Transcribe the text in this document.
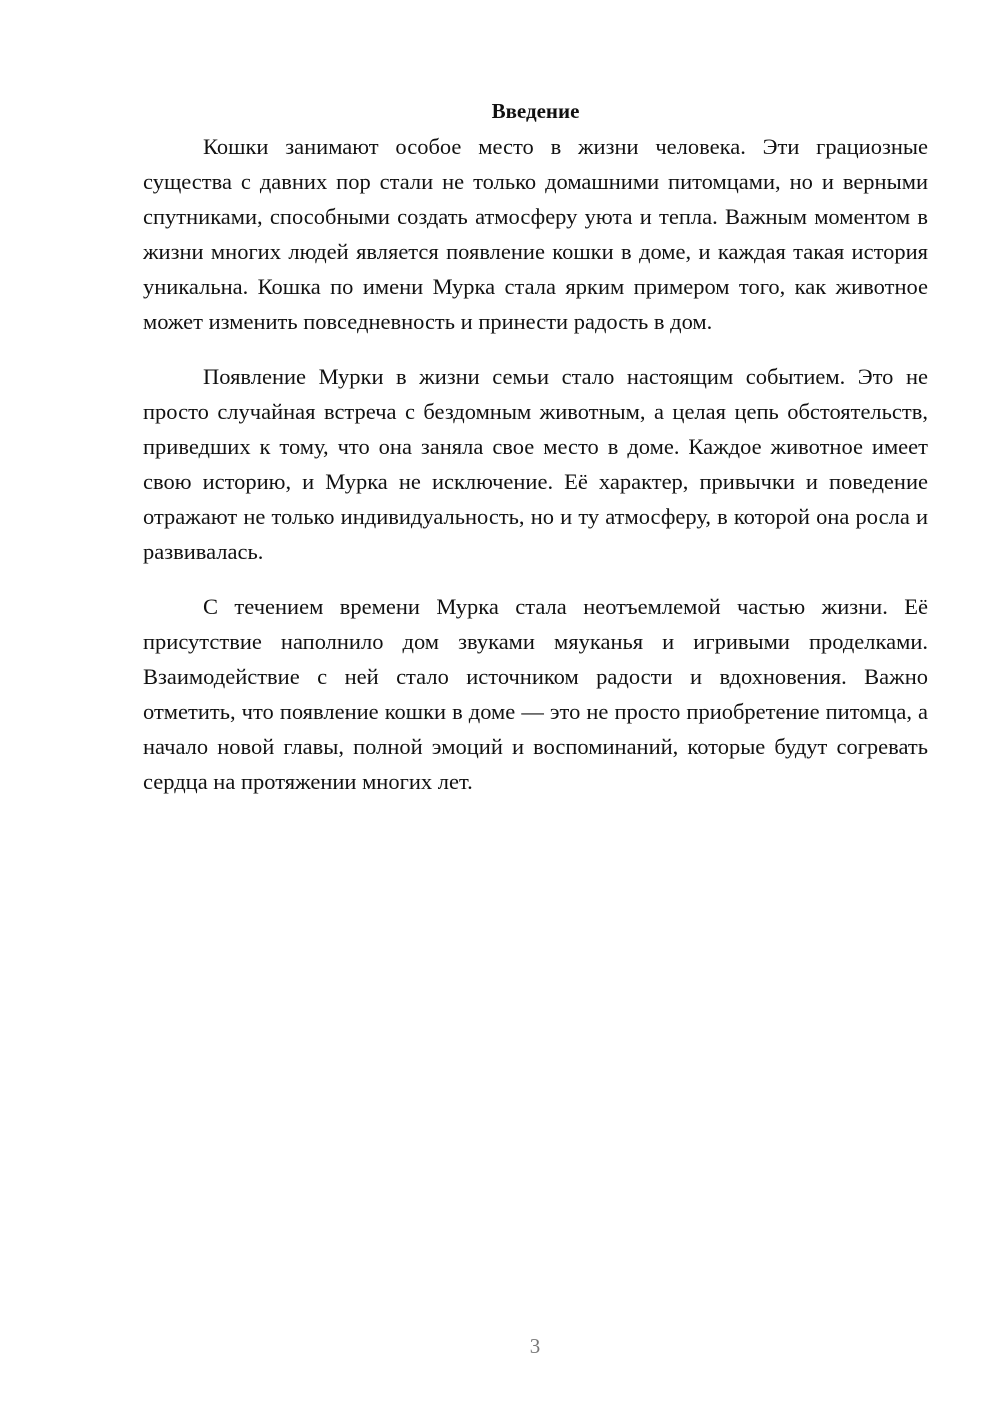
Введение

Кошки занимают особое место в жизни человека. Эти грациозные существа с давних пор стали не только домашними питомцами, но и верными спутниками, способными создать атмосферу уюта и тепла. Важным моментом в жизни многих людей является появление кошки в доме, и каждая такая история уникальна. Кошка по имени Мурка стала ярким примером того, как животное может изменить повседневность и принести радость в дом.

Появление Мурки в жизни семьи стало настоящим событием. Это не просто случайная встреча с бездомным животным, а целая цепь обстоятельств, приведших к тому, что она заняла свое место в доме. Каждое животное имеет свою историю, и Мурка не исключение. Её характер, привычки и поведение отражают не только индивидуальность, но и ту атмосферу, в которой она росла и развивалась.

С течением времени Мурка стала неотъемлемой частью жизни. Её присутствие наполнило дом звуками мяуканья и игривыми проделками. Взаимодействие с ней стало источником радости и вдохновения. Важно отметить, что появление кошки в доме — это не просто приобретение питомца, а начало новой главы, полной эмоций и воспоминаний, которые будут согревать сердца на протяжении многих лет.

3
